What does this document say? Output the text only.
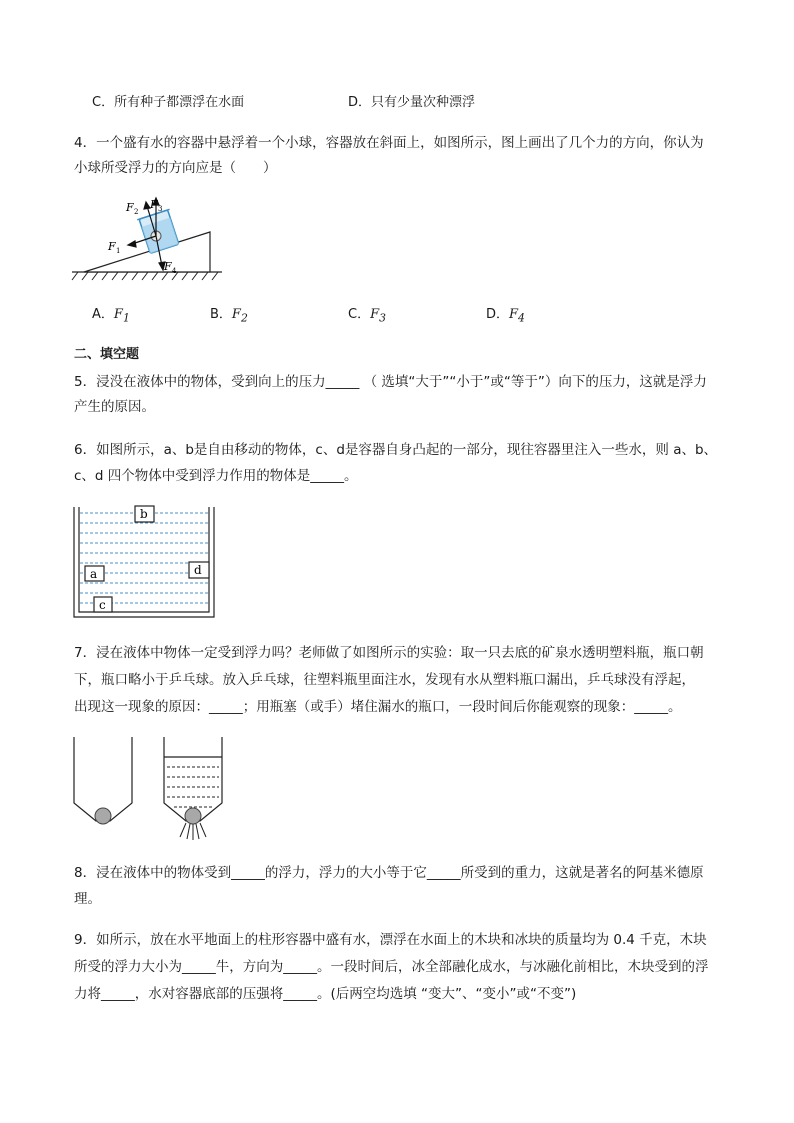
C．所有种子都漂浮在水面	D．只有少量次种漂浮
4．一个盛有水的容器中悬浮着一个小球，容器放在斜面上，如图所示，图上画出了几个力的方向，你认为
小球所受浮力的方向应是（　　）
F 2
F 3
F 1
F 4
A．$F_1$	B．$F_2$	C．$F_3$	D．$F_4$
二、填空题
5．浸没在液体中的物体，受到向上的压力_____ （ 选填“大于”“小于”或“等于”）向下的压力，这就是浮力
产生的原因。
6．如图所示，a、b是自由移动的物体，c、d是容器自身凸起的一部分，现往容器里注入一些水，则 a、b、
c、d 四个物体中受到浮力作用的物体是_____。
c
d
a
b
7．浸在液体中物体一定受到浮力吗？老师做了如图所示的实验：取一只去底的矿泉水透明塑料瓶，瓶口朝
下，瓶口略小于乒乓球。放入乒乓球，往塑料瓶里面注水，发现有水从塑料瓶口漏出，乒乓球没有浮起，
出现这一现象的原因：_____；用瓶塞（或手）堵住漏水的瓶口，一段时间后你能观察的现象：_____。
8．浸在液体中的物体受到_____的浮力，浮力的大小等于它_____所受到的重力，这就是著名的阿基米德原
理。
9．如所示，放在水平地面上的柱形容器中盛有水，漂浮在水面上的木块和冰块的质量均为 0.4 千克，木块
所受的浮力大小为_____牛，方向为_____。一段时间后，冰全部融化成水，与冰融化前相比，木块受到的浮
力将_____，水对容器底部的压强将_____。(后两空均选填 “变大”、“变小”或“不变”)
